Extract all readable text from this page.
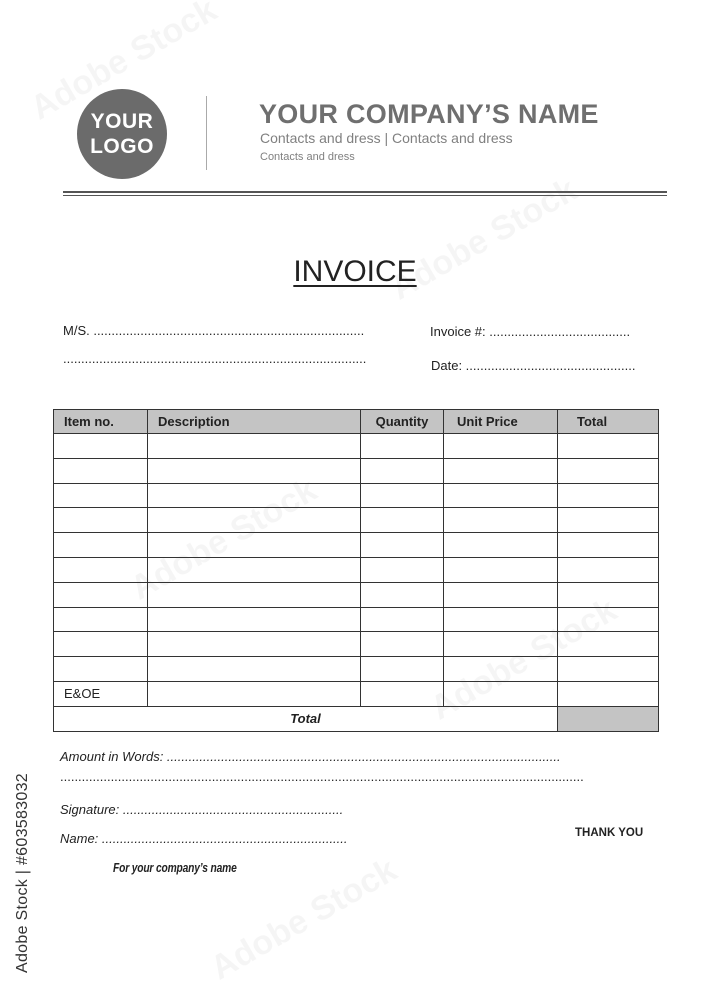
YOUR
LOGO
YOUR COMPANY’S NAME
Contacts and dress | Contacts and dress
Contacts and dress
INVOICE
M/S. ...........................................................................
....................................................................................
Invoice #: .......................................
Date: ...............................................
Item no.	Description	Quantity	Unit Price	Total

E&OE				
Total				
Amount in Words: .............................................................................................................
.................................................................................................................................................
Signature: .............................................................
Name: ....................................................................	THANK YOU
For your company’s name
Adobe Stock | #603583032
